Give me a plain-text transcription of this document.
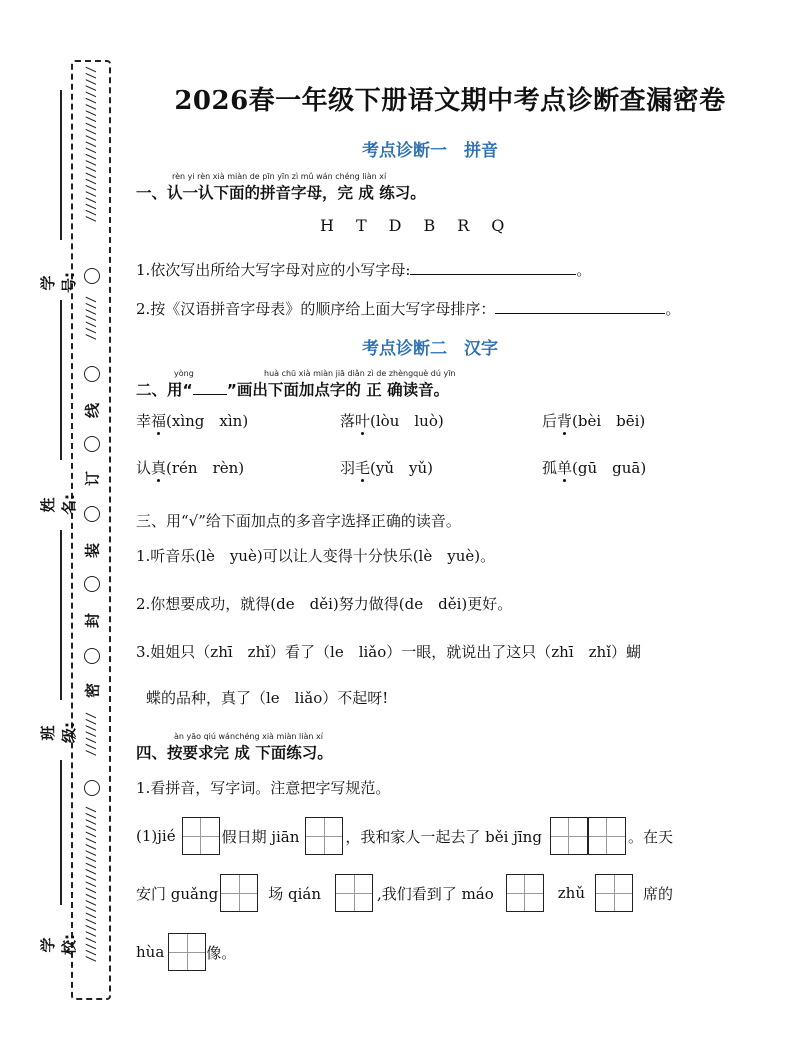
/////////////////////////
///////
线
订
装
封
密
///////
/////////////////////////
学号:
姓名:
班级:
学校:
2026春一年级下册语文期中考点诊断查漏密卷
考点诊断一　拼音
rèn yi rèn xià miàn de pīn yīn zì mǔ wán chéng liàn xí
一、认一认下面的拼音字母，完 成 练习。
H T D B R Q
1.依次写出所给大写字母对应的小写字母:	。
2.按《汉语拼音字母表》的顺序给上面大写字母排序：	。
考点诊断二　汉字
yòng	huà chū xià miàn jiā diǎn zì de zhèngquè dú yīn
二、用“ ”画出下面加点字的 正 确读音。
幸福(xìng　xìn)	落叶(lòu　luò)	后背(bèi　bēi)
认真(rén　rèn)	羽毛(yǔ　yǔ)	孤单(gū　guā)
三、用“√”给下面加点的多音字选择正确的读音。
1.听音乐(lè　yuè)可以让人变得十分快乐(lè　yuè)。
2.你想要成功，就得(de　děi)努力做得(de　děi)更好。
3.姐姐只（zhī　zhǐ）看了（le　liǎo）一眼，就说出了这只（zhī　zhǐ）蝴
蝶的品种，真了（le　liǎo）不起呀!
àn yāo qiú wánchéng xià miàn liàn xí
四、按要求完 成 下面练习。
1.看拼音，写字词。注意把字写规范。
(1)jié	假日期 jiān	，我和家人一起去了 běi jīng	。在天
安门 guǎng	场 qián	,我们看到了 máo	zhǔ	席的
hùa	像。
